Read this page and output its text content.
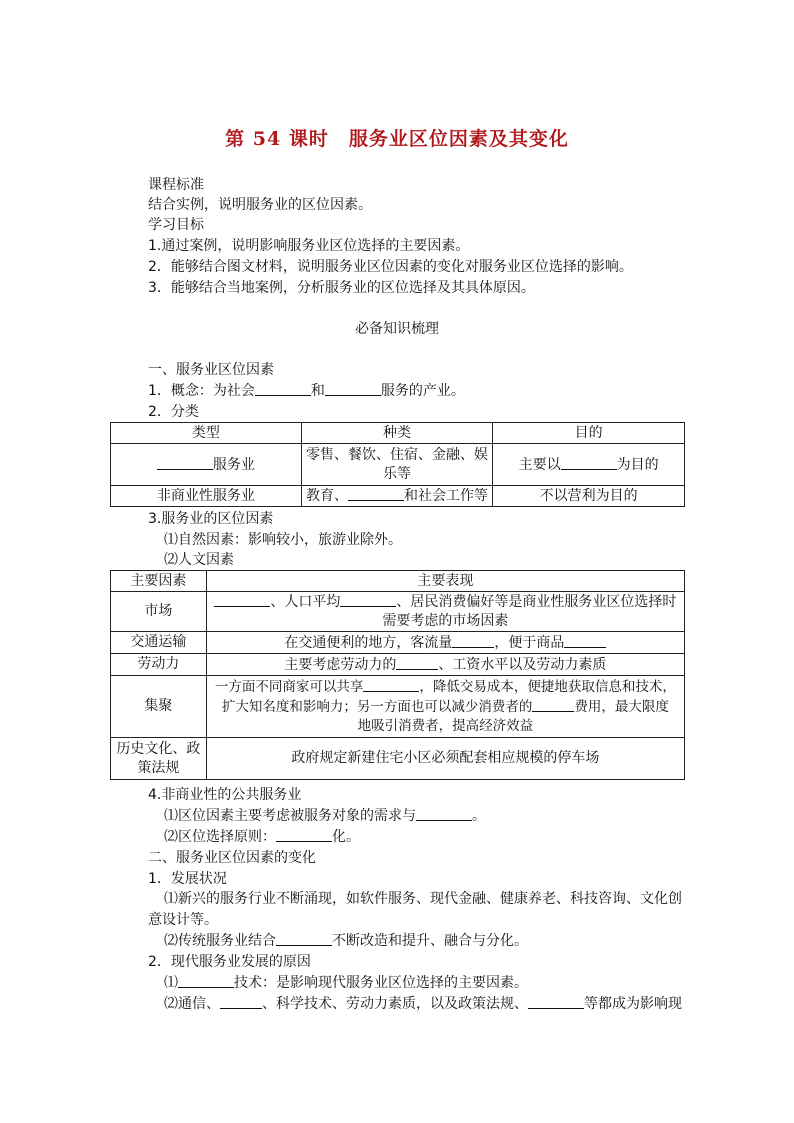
第 54 课时　服务业区位因素及其变化
课程标准
结合实例，说明服务业的区位因素。
学习目标
1.通过案例，说明影响服务业区位选择的主要因素。
2．能够结合图文材料，说明服务业区位因素的变化对服务业区位选择的影响。
3．能够结合当地案例，分析服务业的区位选择及其具体原因。
必备知识梳理
一、服务业区位因素
1．概念：为社会	和	服务的产业。
2．分类
类型	种类	目的
服务业	零售、餐饮、住宿、金融、娱乐等	主要以 为目的
非商业性服务业	教育、 和社会工作等	不以营利为目的
3.服务业的区位因素
⑴自然因素：影响较小，旅游业除外。
⑵人文因素
主要因素	主要表现
市场	、人口平均 、居民消费偏好等是商业性服务业区位选择时
需要考虑的市场因素
交通运输	在交通便利的地方，客流量 ，便于商品
劳动力	主要考虑劳动力的 、工资水平以及劳动力素质
集聚	一方面不同商家可以共享 ，降低交易成本，便捷地获取信息和技术，
扩大知名度和影响力；另一方面也可以减少消费者的 费用，最大限度
地吸引消费者，提高经济效益
历史文化、政
策法规	政府规定新建住宅小区必须配套相应规模的停车场
4.非商业性的公共服务业
⑴区位因素主要考虑被服务对象的需求与	。
⑵区位选择原则：	化。
二、服务业区位因素的变化
1．发展状况
⑴新兴的服务行业不断涌现，如软件服务、现代金融、健康养老、科技咨询、文化创
意设计等。
⑵传统服务业结合	不断改造和提升、融合与分化。
2．现代服务业发展的原因
⑴	技术：是影响现代服务业区位选择的主要因素。
⑵通信、	、科学技术、劳动力素质，以及政策法规、	等都成为影响现
